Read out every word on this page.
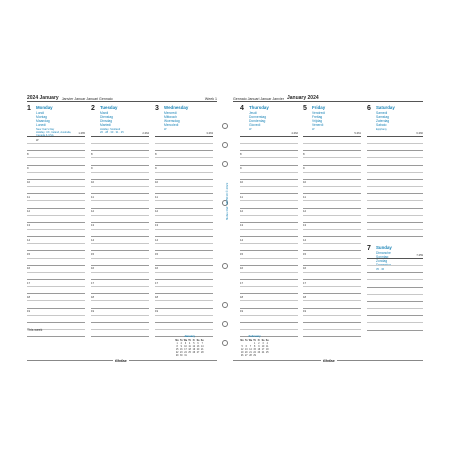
2024 January Janvier Januar Januari Gennaio	Week 1	Gennaio Januari Januar Janvier January 2024
1 Monday
Lundi
Montag
Maandag
Lunedì
New Year's Day
Holiday: UK, Ireland, Australia,
Canada & USA
W
1-365
8
9
10
11
12
13
14
15
16
17
18
19
2 Tuesday
Mardi
Dienstag
Dinsdag
Martedì
Holiday: Scotland
26 · 28 · 30 · 31 · 25	2-364
8
9
10
11
12
13
14
15
16
17
18
19
3 Wednesday
Mercredi
Mittwoch
Woensdag
Mercoledì
W
3-363
8
9
10
11
12
13
14
15
16
17
18
19
4 Thursday
Jeudi
Donnerstag
Donderdag
Giovedì
W
4-362
8
9
10
11
12
13
14
15
16
17
18
19
5 Friday
Vendredi
Freitag
Vrijdag
Venerdì
W
5-361
8
9
10
11
12
13
14
15
16
17
18
19
6 Saturday
Samedi
Samstag
Zaterdag
Sabato
Epiphany
6-360
7 Sunday
Dimanche
Sonntag
Zondag
Domenica
35 · 36
7-359
filofax Ref. 6805010 © 2023
This week
January
Mo	Tu	We	Th	Fr	Sa	Su
1	2	3	4	5	6	7
8	9	10	11	12	13	14
15	16	17	18	19	20	21
22	23	24	25	26	27	28
29	30	31				
February
Mo	Tu	We	Th	Fr	Sa	Su
			1	2	3	4
5	6	7	8	9	10	11
12	13	14	15	16	17	18
19	20	21	22	23	24	25
26	27	28	29			
filofax	filofax
